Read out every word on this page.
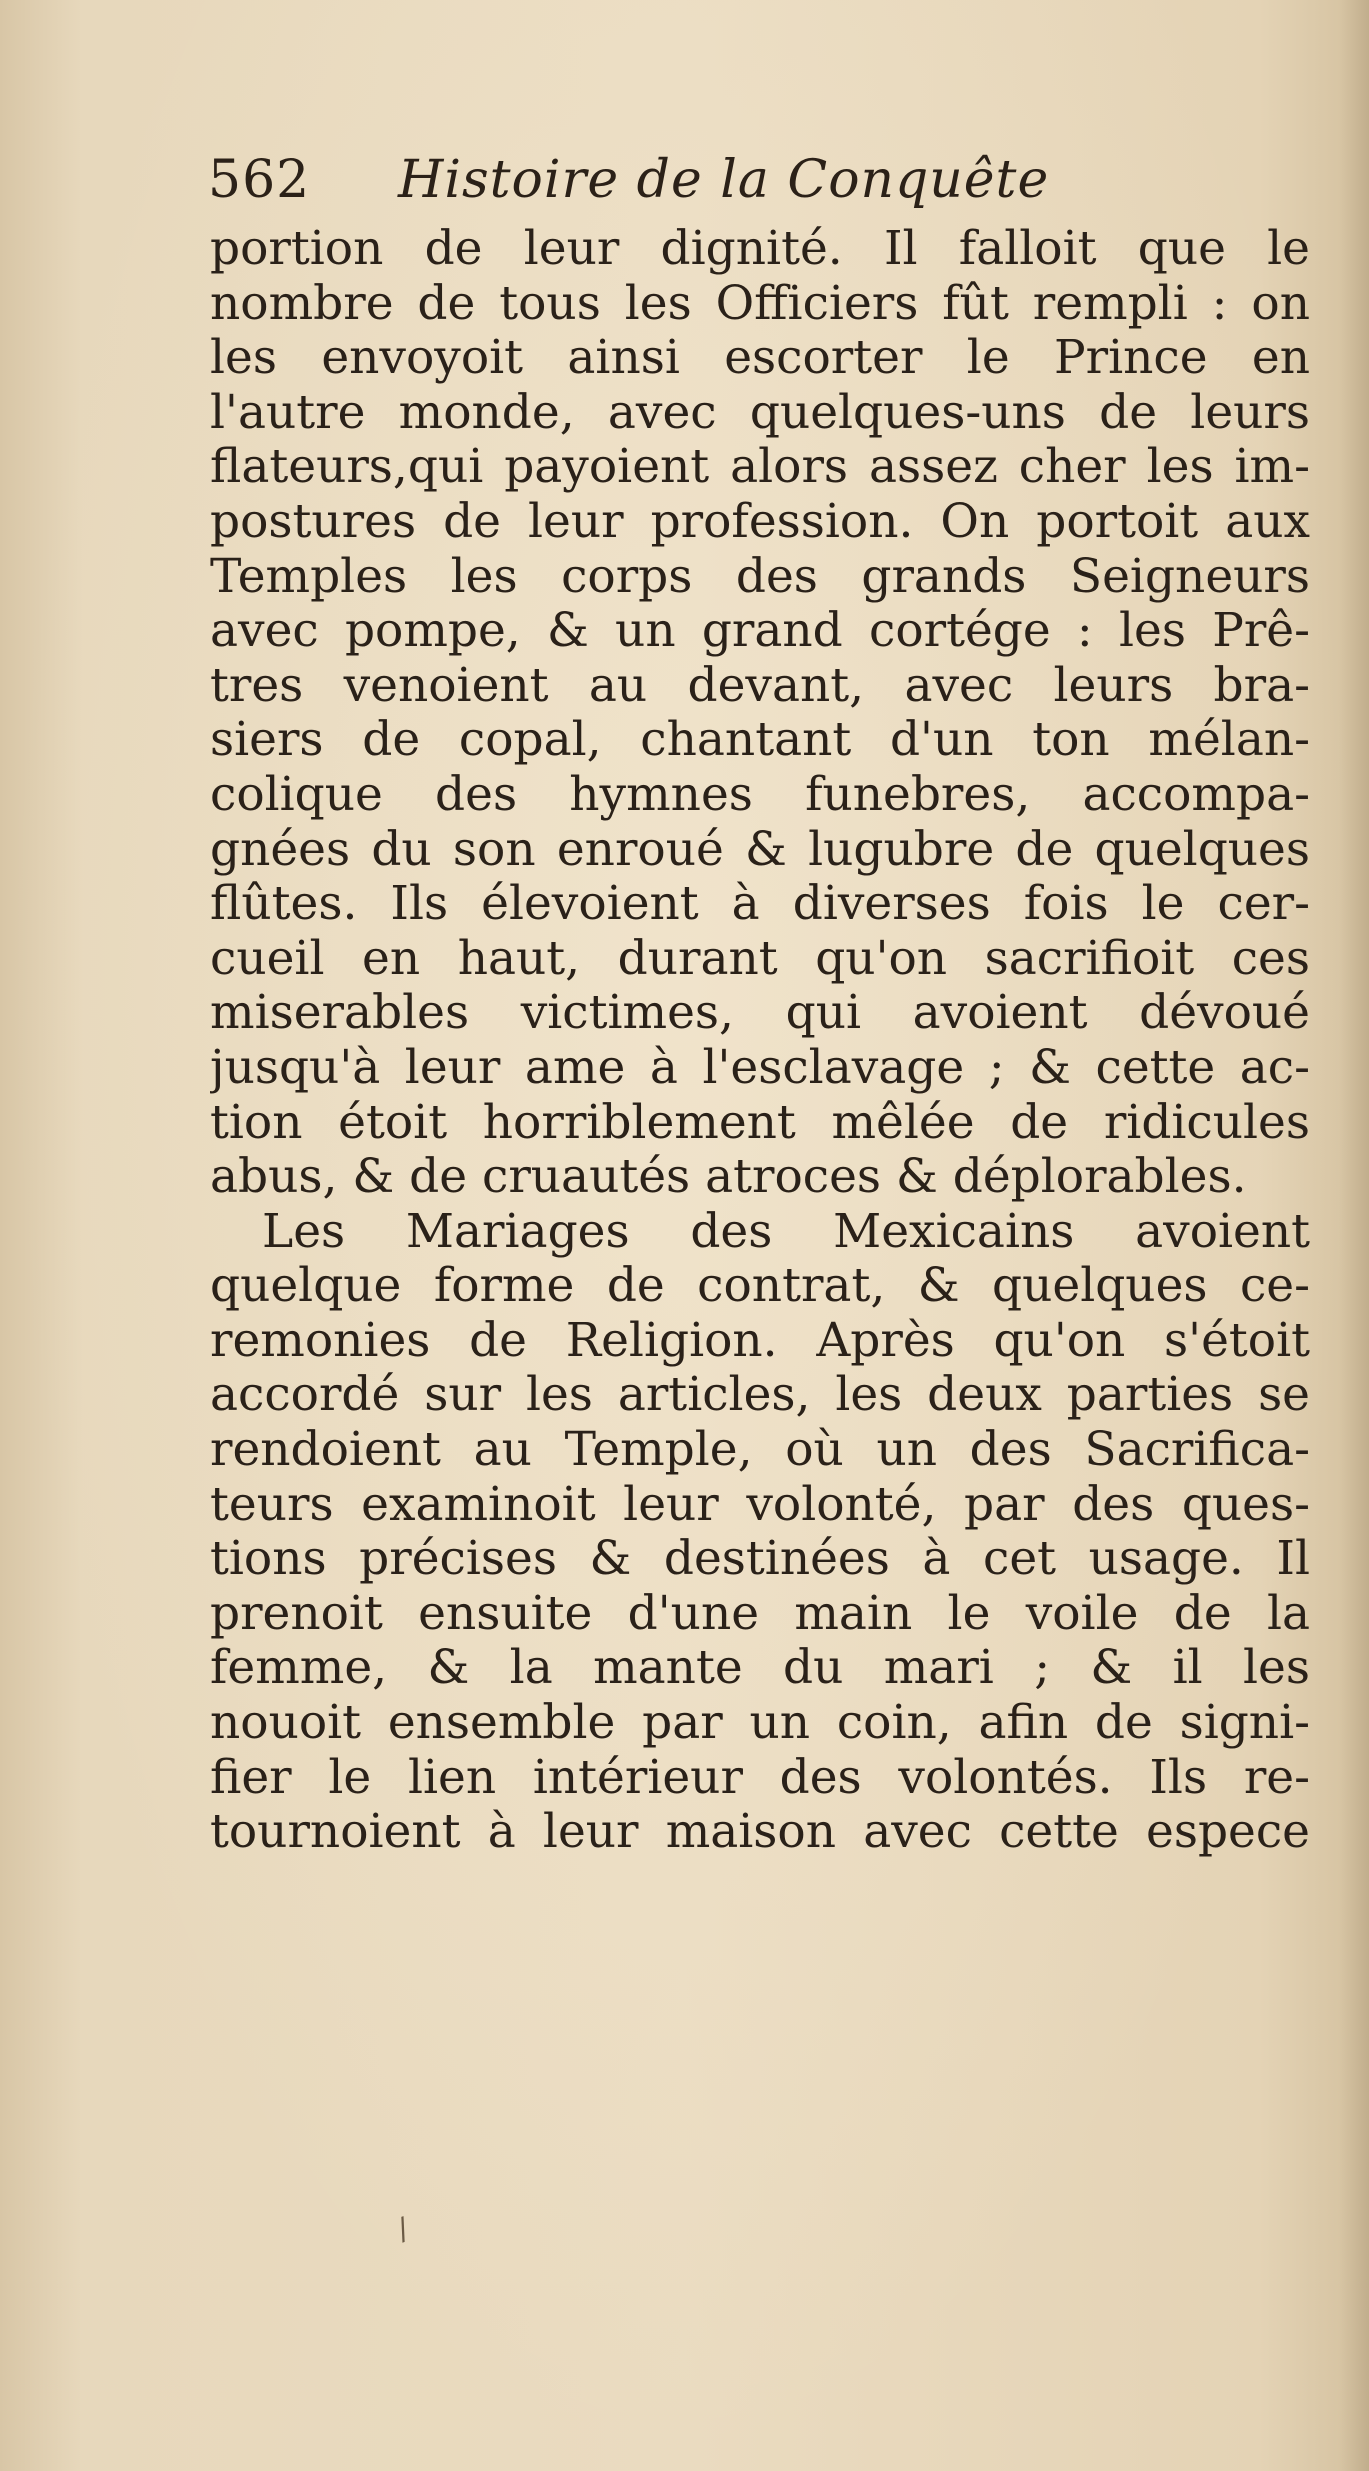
562 Histoire de la Conquête
portion de leur dignité. Il falloit que le
nombre de tous les Officiers fût rempli : on
les envoyoit ainsi escorter le Prince en
l'autre monde, avec quelques-uns de leurs
flateurs,qui payoient alors assez cher les im-
postures de leur profession. On portoit aux
Temples les corps des grands Seigneurs
avec pompe, & un grand cortége : les Prê-
tres venoient au devant, avec leurs bra-
siers de copal, chantant d'un ton mélan-
colique des hymnes funebres, accompa-
gnées du son enroué & lugubre de quelques
flûtes. Ils élevoient à diverses fois le cer-
cueil en haut, durant qu'on sacrifioit ces
miserables victimes, qui avoient dévoué
jusqu'à leur ame à l'esclavage ; & cette ac-
tion étoit horriblement mêlée de ridicules
abus, & de cruautés atroces & déplorables.
Les Mariages des Mexicains avoient
quelque forme de contrat, & quelques ce-
remonies de Religion. Après qu'on s'étoit
accordé sur les articles, les deux parties se
rendoient au Temple, où un des Sacrifica-
teurs examinoit leur volonté, par des ques-
tions précises & destinées à cet usage. Il
prenoit ensuite d'une main le voile de la
femme, & la mante du mari ; & il les
nouoit ensemble par un coin, afin de signi-
fier le lien intérieur des volontés. Ils re-
tournoient à leur maison avec cette espece
/
